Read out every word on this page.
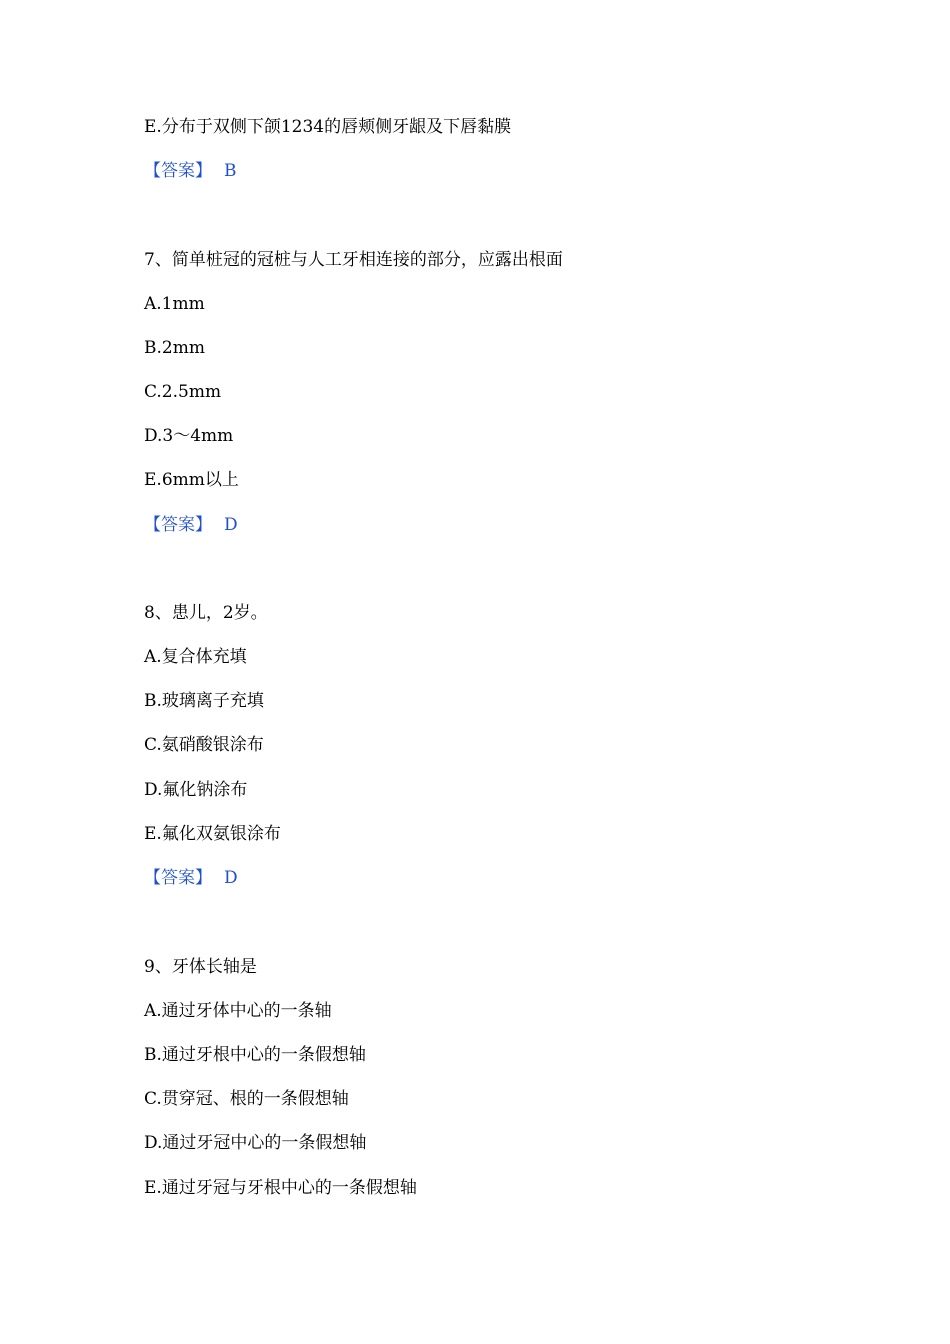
E.分布于双侧下颌1234的唇颊侧牙龈及下唇黏膜
【答案】 B
7、简单桩冠的冠桩与人工牙相连接的部分，应露出根面
A.1mm
B.2mm
C.2.5mm
D.3～4mm
E.6mm以上
【答案】 D
8、患儿，2岁。
A.复合体充填
B.玻璃离子充填
C.氨硝酸银涂布
D.氟化钠涂布
E.氟化双氨银涂布
【答案】 D
9、牙体长轴是
A.通过牙体中心的一条轴
B.通过牙根中心的一条假想轴
C.贯穿冠、根的一条假想轴
D.通过牙冠中心的一条假想轴
E.通过牙冠与牙根中心的一条假想轴
